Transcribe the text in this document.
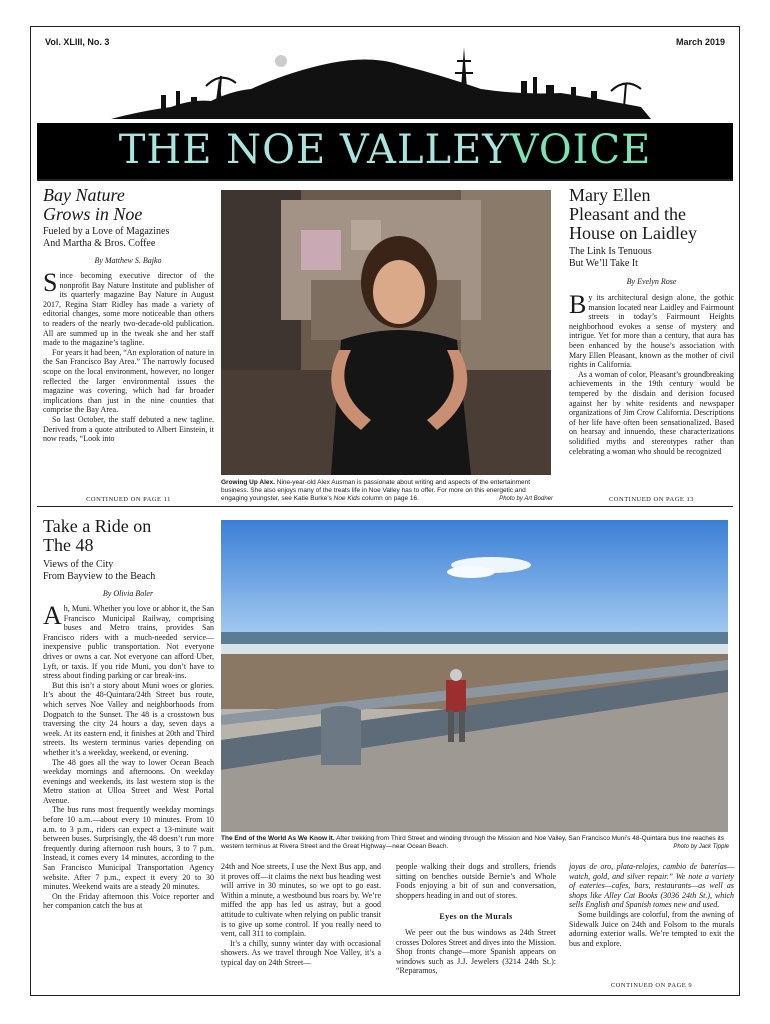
Vol. XLIII, No. 3	March 2019
THE NOE VALLEY VOICE
Bay Nature
Grows in Noe
Fueled by a Love of Magazines
And Martha & Bros. Coffee
By Matthew S. Bajko

Since becoming executive director of the nonprofit Bay Nature Institute and publisher of its quarterly magazine Bay Nature in August 2017, Regina Starr Ridley has made a variety of editorial changes, some more noticeable than others to readers of the nearly two-decade-old publication. All are summed up in the tweak she and her staff made to the magazine’s tagline.

For years it had been, “An exploration of nature in the San Francisco Bay Area.” The narrowly focused scope on the local environment, however, no longer reflected the larger environmental issues the magazine was covering, which had far broader implications than just in the nine counties that comprise the Bay Area.

So last October, the staff debuted a new tagline. Derived from a quote attributed to Albert Einstein, it now reads, “Look into

CONTINUED ON PAGE 11
Growing Up Alex. Nine-year-old Alex Ausman is passionate about writing and aspects of the entertainment business. She also enjoys many of the treats life in Noe Valley has to offer. For more on this energetic and engaging youngster, see Katie Burke’s Noe Kids column on page 16.	Photo by Art Bodner
Mary Ellen
Pleasant and the
House on Laidley
The Link Is Tenuous
But We’ll Take It
By Evelyn Rose

By its architectural design alone, the gothic mansion located near Laidley and Fairmount streets in today’s Fairmount Heights neighborhood evokes a sense of mystery and intrigue. Yet for more than a century, that aura has been enhanced by the house’s association with Mary Ellen Pleasant, known as the mother of civil rights in California.

As a woman of color, Pleasant’s groundbreaking achievements in the 19th century would be tempered by the disdain and derision focused against her by white residents and newspaper organizations of Jim Crow California. Descriptions of her life have often been sensationalized. Based on hearsay and innuendo, these characterizations solidified myths and stereotypes rather than celebrating a woman who should be recognized

CONTINUED ON PAGE 13
Take a Ride on
The 48
Views of the City
From Bayview to the Beach
By Olivia Boler

Ah, Muni. Whether you love or abhor it, the San Francisco Municipal Railway, comprising buses and Metro trains, provides San Francisco riders with a much-needed service—inexpensive public transportation. Not everyone drives or owns a car. Not everyone can afford Uber, Lyft, or taxis. If you ride Muni, you don’t have to stress about finding parking or car break-ins.

But this isn’t a story about Muni woes or glories. It’s about the 48-Quintara/24th Street bus route, which serves Noe Valley and neighborhoods from Dogpatch to the Sunset. The 48 is a crosstown bus traversing the city 24 hours a day, seven days a week. At its eastern end, it finishes at 20th and Third streets. Its western terminus varies depending on whether it’s a weekday, weekend, or evening.

The 48 goes all the way to lower Ocean Beach weekday mornings and afternoons. On weekday evenings and weekends, its last western stop is the Metro station at Ulloa Street and West Portal Avenue.

The bus runs most frequently weekday mornings before 10 a.m.—about every 10 minutes. From 10 a.m. to 3 p.m., riders can expect a 13-minute wait between buses. Surprisingly, the 48 doesn’t run more frequently during afternoon rush hours, 3 to 7 p.m. Instead, it comes every 14 minutes, according to the San Francisco Municipal Transportation Agency website. After 7 p.m., expect it every 20 to 30 minutes. Weekend waits are a steady 20 minutes.

On the Friday afternoon this Voice reporter and her companion catch the bus at

The End of the World As We Know It. After trekking from Third Street and winding through the Mission and Noe Valley, San Francisco Muni’s 48-Quintara bus line reaches its western terminus at Rivera Street and the Great Highway—near Ocean Beach.	Photo by Jack Tipple

24th and Noe streets, I use the Next Bus app, and it proves off—it claims the next bus heading west will arrive in 30 minutes, so we opt to go east. Within a minute, a westbound bus roars by. We’re miffed the app has led us astray, but a good attitude to cultivate when relying on public transit is to give up some control. If you really need to vent, call 311 to complain.

It’s a chilly, sunny winter day with occasional showers. As we travel through Noe Valley, it’s a typical day on 24th Street—

people walking their dogs and strollers, friends sitting on benches outside Bernie’s and Whole Foods enjoying a bit of sun and conversation, shoppers heading in and out of stores.

Eyes on the Murals

We peer out the bus windows as 24th Street crosses Dolores Street and dives into the Mission. Shop fronts change—more Spanish appears on windows such as J.J. Jewelers (3214 24th St.): “Reparamos,

joyas de oro, plata-relojes, cambio de baterías—watch, gold, and silver repair.” We note a variety of eateries—cafes, bars, restaurants—as well as shops like Alley Cat Books (3036 24th St.), which sells English and Spanish tomes new and used.

Some buildings are colorful, from the awning of Sidewalk Juice on 24th and Folsom to the murals adorning exterior walls. We’re tempted to exit the bus and explore.

CONTINUED ON PAGE 9
